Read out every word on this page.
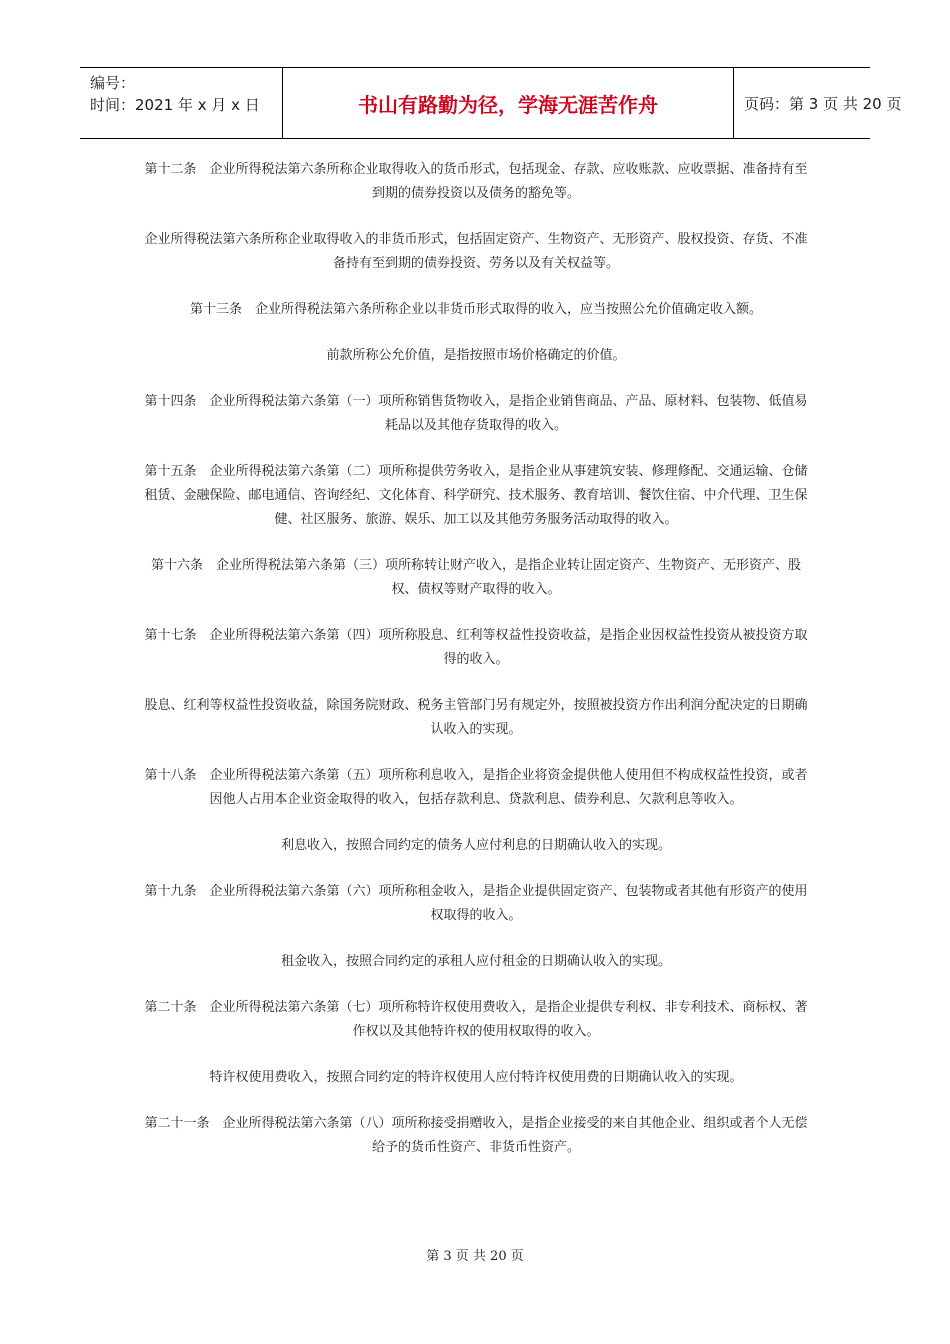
编号：
时间：2021 年 x 月 x 日	书山有路勤为径，学海无涯苦作舟	页码：第 3 页 共 20 页

第十二条　企业所得税法第六条所称企业取得收入的货币形式，包括现金、存款、应收账款、应收票据、准备持有至到期的债券投资以及债务的豁免等。

企业所得税法第六条所称企业取得收入的非货币形式，包括固定资产、生物资产、无形资产、股权投资、存货、不准备持有至到期的债券投资、劳务以及有关权益等。

第十三条　企业所得税法第六条所称企业以非货币形式取得的收入，应当按照公允价值确定收入额。

前款所称公允价值，是指按照市场价格确定的价值。

第十四条　企业所得税法第六条第（一）项所称销售货物收入，是指企业销售商品、产品、原材料、包装物、低值易耗品以及其他存货取得的收入。

第十五条　企业所得税法第六条第（二）项所称提供劳务收入，是指企业从事建筑安装、修理修配、交通运输、仓储租赁、金融保险、邮电通信、咨询经纪、文化体育、科学研究、技术服务、教育培训、餐饮住宿、中介代理、卫生保健、社区服务、旅游、娱乐、加工以及其他劳务服务活动取得的收入。

第十六条　企业所得税法第六条第（三）项所称转让财产收入，是指企业转让固定资产、生物资产、无形资产、股权、债权等财产取得的收入。

第十七条　企业所得税法第六条第（四）项所称股息、红利等权益性投资收益，是指企业因权益性投资从被投资方取得的收入。

股息、红利等权益性投资收益，除国务院财政、税务主管部门另有规定外，按照被投资方作出利润分配决定的日期确认收入的实现。

第十八条　企业所得税法第六条第（五）项所称利息收入，是指企业将资金提供他人使用但不构成权益性投资，或者因他人占用本企业资金取得的收入，包括存款利息、贷款利息、债券利息、欠款利息等收入。

利息收入，按照合同约定的债务人应付利息的日期确认收入的实现。

第十九条　企业所得税法第六条第（六）项所称租金收入，是指企业提供固定资产、包装物或者其他有形资产的使用权取得的收入。

租金收入，按照合同约定的承租人应付租金的日期确认收入的实现。

第二十条　企业所得税法第六条第（七）项所称特许权使用费收入，是指企业提供专利权、非专利技术、商标权、著作权以及其他特许权的使用权取得的收入。

特许权使用费收入，按照合同约定的特许权使用人应付特许权使用费的日期确认收入的实现。

第二十一条　企业所得税法第六条第（八）项所称接受捐赠收入，是指企业接受的来自其他企业、组织或者个人无偿给予的货币性资产、非货币性资产。

第 3 页 共 20 页
